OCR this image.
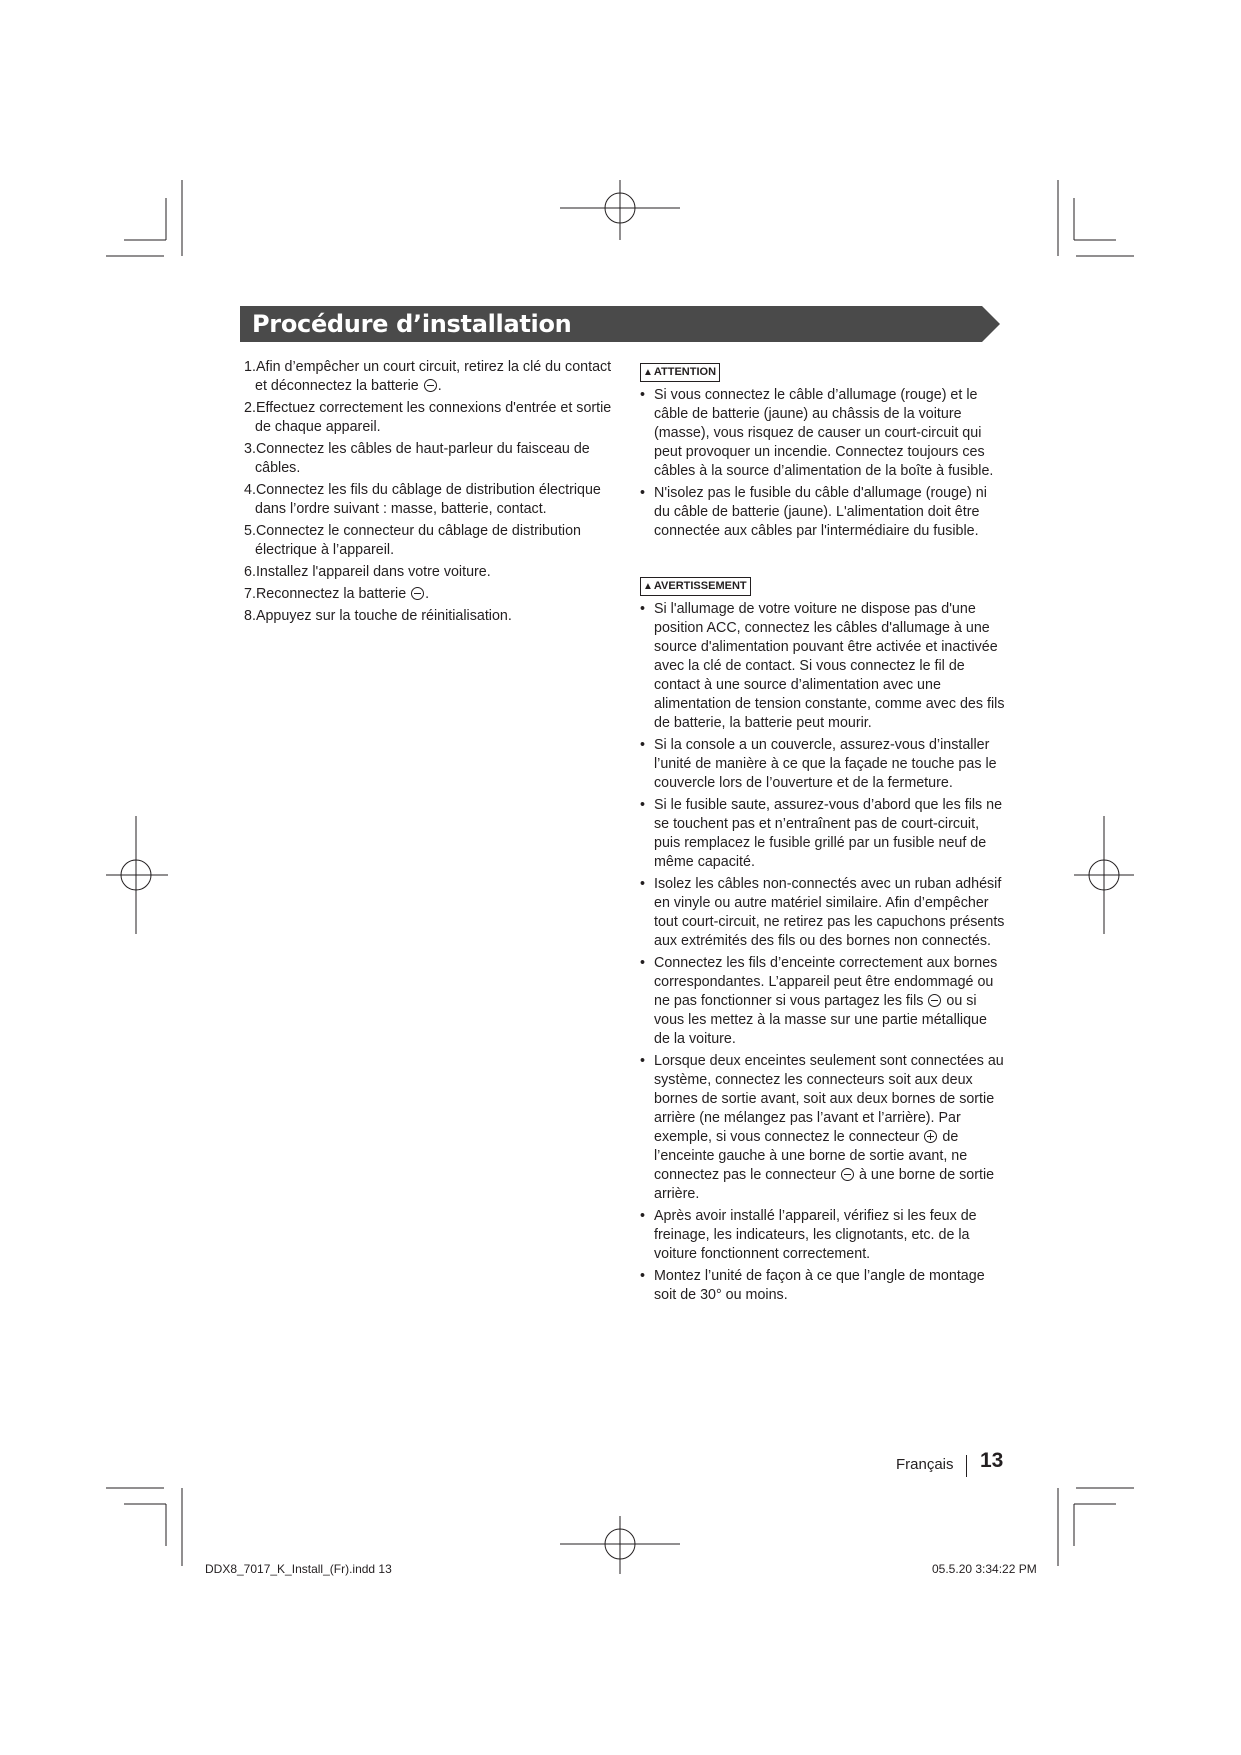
Procédure d’installation
1.Afin d’empêcher un court circuit, retirez la clé du contact et déconnectez la batterie .
2.Effectuez correctement les connexions d'entrée et sortie de chaque appareil.
3.Connectez les câbles de haut-parleur du faisceau de câbles.
4.Connectez les fils du câblage de distribution électrique dans l’ordre suivant : masse, batterie, contact.
5.Connectez le connecteur du câblage de distribution électrique à l’appareil.
6.Installez l'appareil dans votre voiture.
7.Reconnectez la batterie .
8.Appuyez sur la touche de réinitialisation.
▲ATTENTION
• Si vous connectez le câble d’allumage (rouge) et le câble de batterie (jaune) au châssis de la voiture (masse), vous risquez de causer un court-circuit qui peut provoquer un incendie. Connectez toujours ces câbles à la source d’alimentation de la boîte à fusible.
• N'isolez pas le fusible du câble d'allumage (rouge) ni du câble de batterie (jaune). L'alimentation doit être connectée aux câbles par l'intermédiaire du fusible.
▲AVERTISSEMENT
• Si l'allumage de votre voiture ne dispose pas d'une position ACC, connectez les câbles d'allumage à une source d'alimentation pouvant être activée et inactivée avec la clé de contact. Si vous connectez le fil de contact à une source d’alimentation avec une alimentation de tension constante, comme avec des fils de batterie, la batterie peut mourir.
• Si la console a un couvercle, assurez-vous d’installer l’unité de manière à ce que la façade ne touche pas le couvercle lors de l’ouverture et de la fermeture.
• Si le fusible saute, assurez-vous d’abord que les fils ne se touchent pas et n’entraînent pas de court-circuit, puis remplacez le fusible grillé par un fusible neuf de même capacité.
• Isolez les câbles non-connectés avec un ruban adhésif en vinyle ou autre matériel similaire. Afin d’empêcher tout court-circuit, ne retirez pas les capuchons présents aux extrémités des fils ou des bornes non connectés.
• Connectez les fils d’enceinte correctement aux bornes correspondantes. L’appareil peut être endommagé ou ne pas fonctionner si vous partagez les fils  ou si vous les mettez à la masse sur une partie métallique de la voiture.
• Lorsque deux enceintes seulement sont connectées au système, connectez les connecteurs soit aux deux bornes de sortie avant, soit aux deux bornes de sortie arrière (ne mélangez pas l’avant et l’arrière). Par exemple, si vous connectez le connecteur  de l’enceinte gauche à une borne de sortie avant, ne connectez pas le connecteur  à une borne de sortie arrière.
• Après avoir installé l’appareil, vérifiez si les feux de freinage, les indicateurs, les clignotants, etc. de la voiture fonctionnent correctement.
• Montez l’unité de façon à ce que l’angle de montage soit de 30° ou moins.
Français 13
DDX8_7017_K_Install_(Fr).indd 13	05.5.20 3:34:22 PM
